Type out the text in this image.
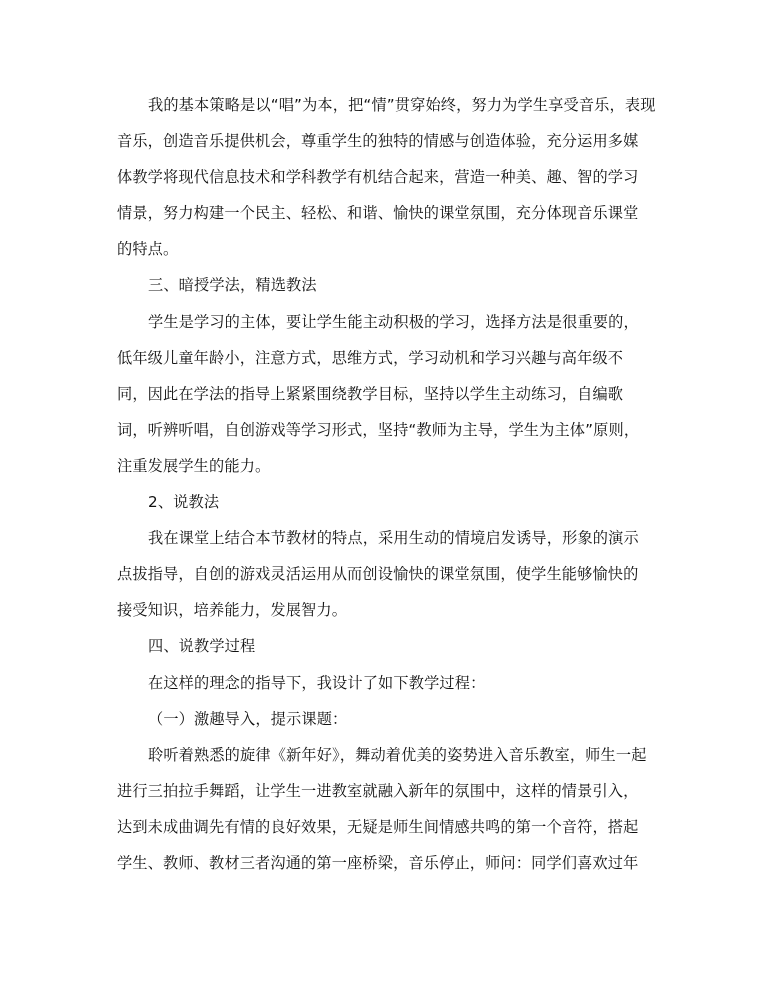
我的基本策略是以“唱”为本，把“情”贯穿始终，努力为学生享受音乐，表现
音乐，创造音乐提供机会，尊重学生的独特的情感与创造体验，充分运用多媒
体教学将现代信息技术和学科教学有机结合起来，营造一种美、趣、智的学习
情景，努力构建一个民主、轻松、和谐、愉快的课堂氛围，充分体现音乐课堂
的特点。
三、暗授学法，精选教法
学生是学习的主体，要让学生能主动积极的学习，选择方法是很重要的，
低年级儿童年龄小，注意方式，思维方式，学习动机和学习兴趣与高年级不
同，因此在学法的指导上紧紧围绕教学目标，坚持以学生主动练习，自编歌
词，听辨听唱，自创游戏等学习形式，坚持“教师为主导，学生为主体”原则，
注重发展学生的能力。
2、说教法
我在课堂上结合本节教材的特点，采用生动的情境启发诱导，形象的演示
点拔指导，自创的游戏灵活运用从而创设愉快的课堂氛围，使学生能够愉快的
接受知识，培养能力，发展智力。
四、说教学过程
在这样的理念的指导下，我设计了如下教学过程：
（一）激趣导入，提示课题：
聆听着熟悉的旋律《新年好》，舞动着优美的姿势进入音乐教室，师生一起
进行三拍拉手舞蹈，让学生一进教室就融入新年的氛围中，这样的情景引入，
达到未成曲调先有情的良好效果，无疑是师生间情感共鸣的第一个音符，搭起
学生、教师、教材三者沟通的第一座桥梁，音乐停止，师问：同学们喜欢过年
